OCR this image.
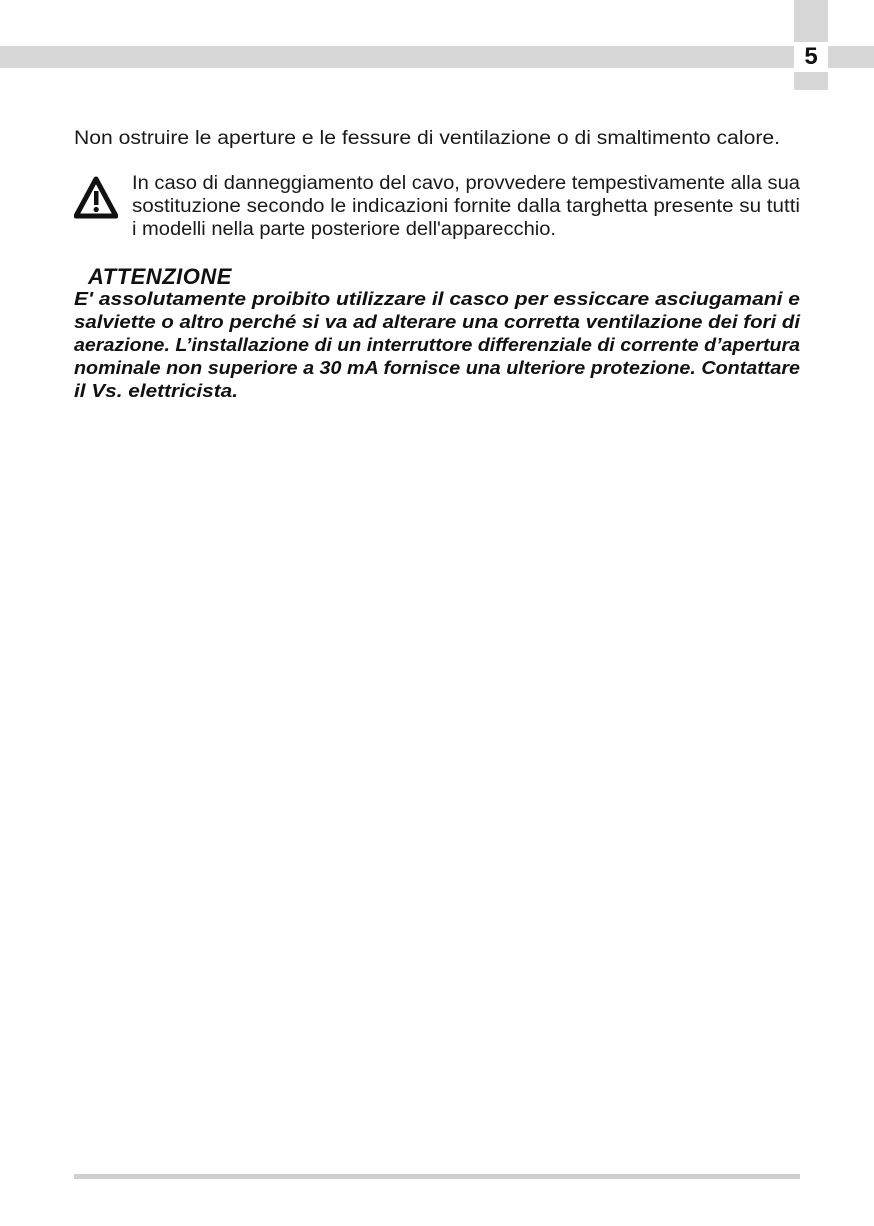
5
Non ostruire le aperture e le fessure di ventilazione o di smaltimento calore.
In caso di danneggiamento del cavo, provvedere tempestivamente alla sua
sostituzione secondo le indicazioni fornite dalla targhetta presente su tutti
i modelli nella parte posteriore dell'apparecchio.
ATTENZIONE
E' assolutamente proibito utilizzare il casco per essiccare asciugamani e
salviette o altro perché si va ad alterare una corretta ventilazione dei fori di
aerazione. L’installazione di un interruttore differenziale di corrente d’apertura
nominale non superiore a 30 mA fornisce una ulteriore protezione. Contattare
il Vs. elettricista.
